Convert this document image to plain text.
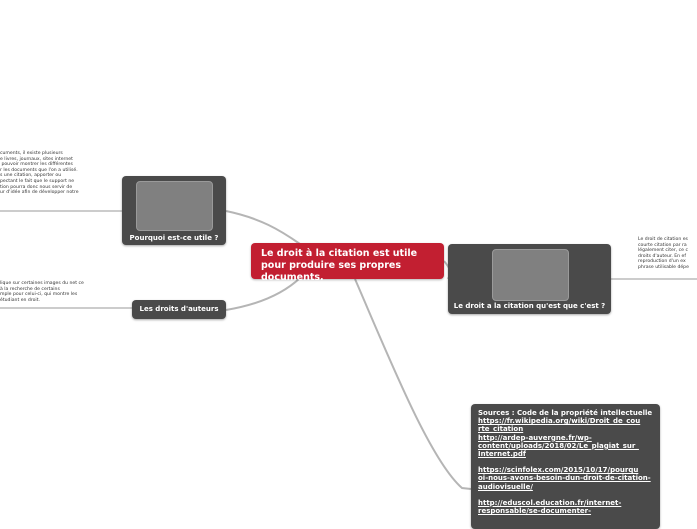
Le droit à la citation est utile pour produire ses propres documents.
Pourquoi est-ce utile ?
Les droits d'auteurs	Le droit a la citation qu'est que c'est ?
cuments, il existe plusieurs
e livres, journaux, sites internet
pouvoir montrer les différentes
r les documents que l'on a utilisé.
s une citation, apporter ou
pectant le fait que le support ne
tion pourra donc nous servir de
ur d'idée afin de développer notre
lique sur certaines images du net ce
à la recherche de certains
mple pour celui-ci, qui montre les
étudiant en droit.
Le droit de citation es
courte citation par ra
légalement citer, ce c
droits d'auteur. En ef
reproduction d'un ex
phrase utilisable dépe
Sources : Code de la propriété intellectuelle
https://fr.wikipedia.org/wiki/Droit_de_cou
rte_citation
http://ardep-auvergne.fr/wp-
content/uploads/2018/02/Le_plagiat_sur_
Internet.pdf
https://scinfolex.com/2015/10/17/pourqu
oi-nous-avons-besoin-dun-droit-de-citation-
audiovisuelle/
http://eduscol.education.fr/internet-
responsable/se-documenter-
